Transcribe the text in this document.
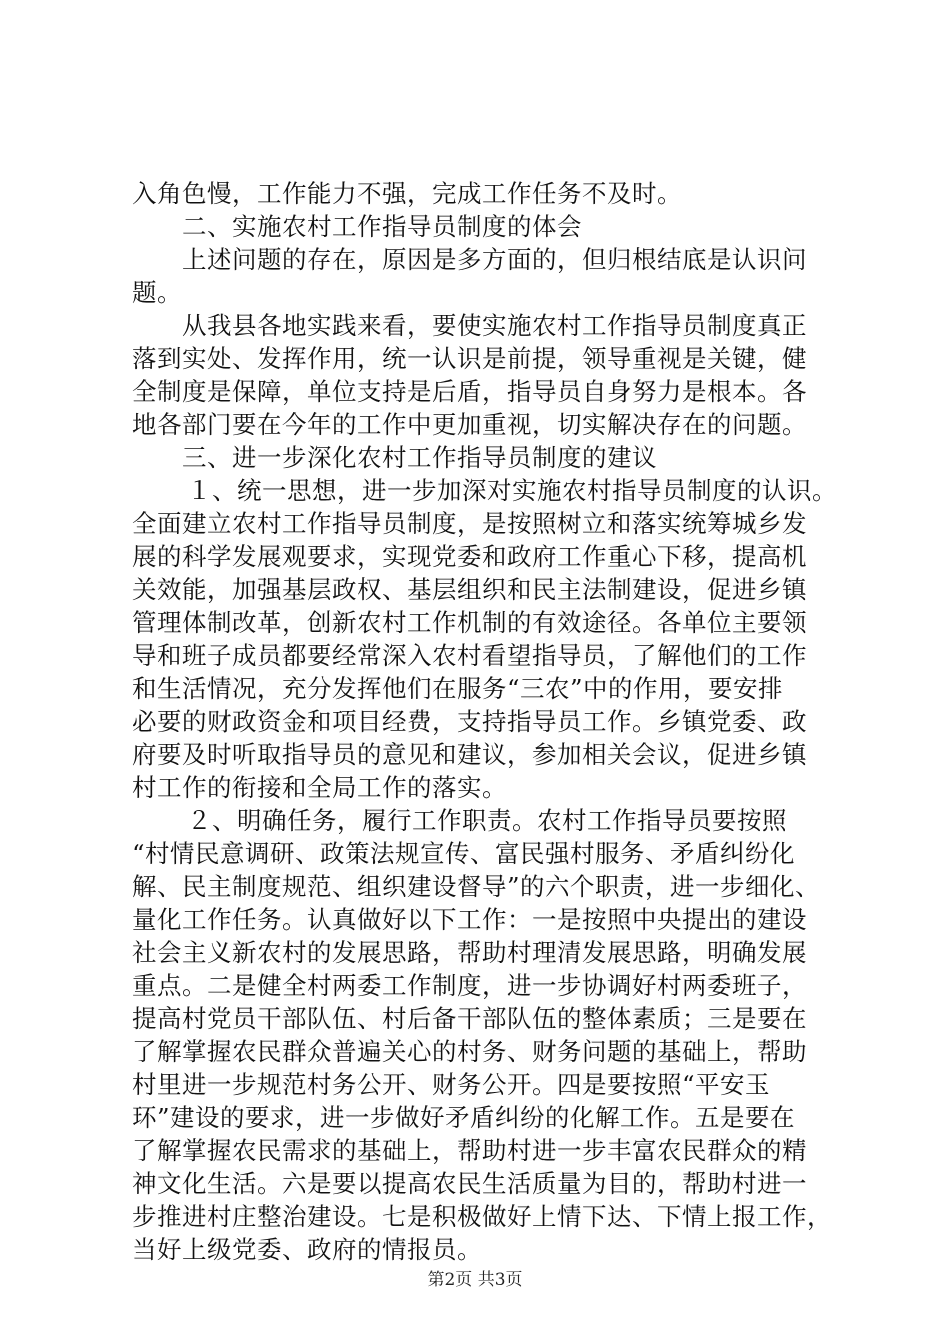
入角色慢，工作能力不强，完成工作任务不及时。
二、实施农村工作指导员制度的体会
上述问题的存在，原因是多方面的，但归根结底是认识问
题。
从我县各地实践来看，要使实施农村工作指导员制度真正
落到实处、发挥作用，统一认识是前提，领导重视是关键，健
全制度是保障，单位支持是后盾，指导员自身努力是根本。各
地各部门要在今年的工作中更加重视，切实解决存在的问题。
三、进一步深化农村工作指导员制度的建议
１、统一思想，进一步加深对实施农村指导员制度的认识。
全面建立农村工作指导员制度，是按照树立和落实统筹城乡发
展的科学发展观要求，实现党委和政府工作重心下移，提高机
关效能，加强基层政权、基层组织和民主法制建设，促进乡镇
管理体制改革，创新农村工作机制的有效途径。各单位主要领
导和班子成员都要经常深入农村看望指导员，了解他们的工作
和生活情况，充分发挥他们在服务“三农”中的作用，要安排
必要的财政资金和项目经费，支持指导员工作。乡镇党委、政
府要及时听取指导员的意见和建议，参加相关会议，促进乡镇
村工作的衔接和全局工作的落实。
２、明确任务，履行工作职责。农村工作指导员要按照
“村情民意调研、政策法规宣传、富民强村服务、矛盾纠纷化
解、民主制度规范、组织建设督导”的六个职责，进一步细化、
量化工作任务。认真做好以下工作：一是按照中央提出的建设
社会主义新农村的发展思路，帮助村理清发展思路，明确发展
重点。二是健全村两委工作制度，进一步协调好村两委班子，
提高村党员干部队伍、村后备干部队伍的整体素质；三是要在
了解掌握农民群众普遍关心的村务、财务问题的基础上，帮助
村里进一步规范村务公开、财务公开。四是要按照“平安玉
环”建设的要求，进一步做好矛盾纠纷的化解工作。五是要在
了解掌握农民需求的基础上，帮助村进一步丰富农民群众的精
神文化生活。六是要以提高农民生活质量为目的，帮助村进一
步推进村庄整治建设。七是积极做好上情下达、下情上报工作，
当好上级党委、政府的情报员。
第2页 共3页
